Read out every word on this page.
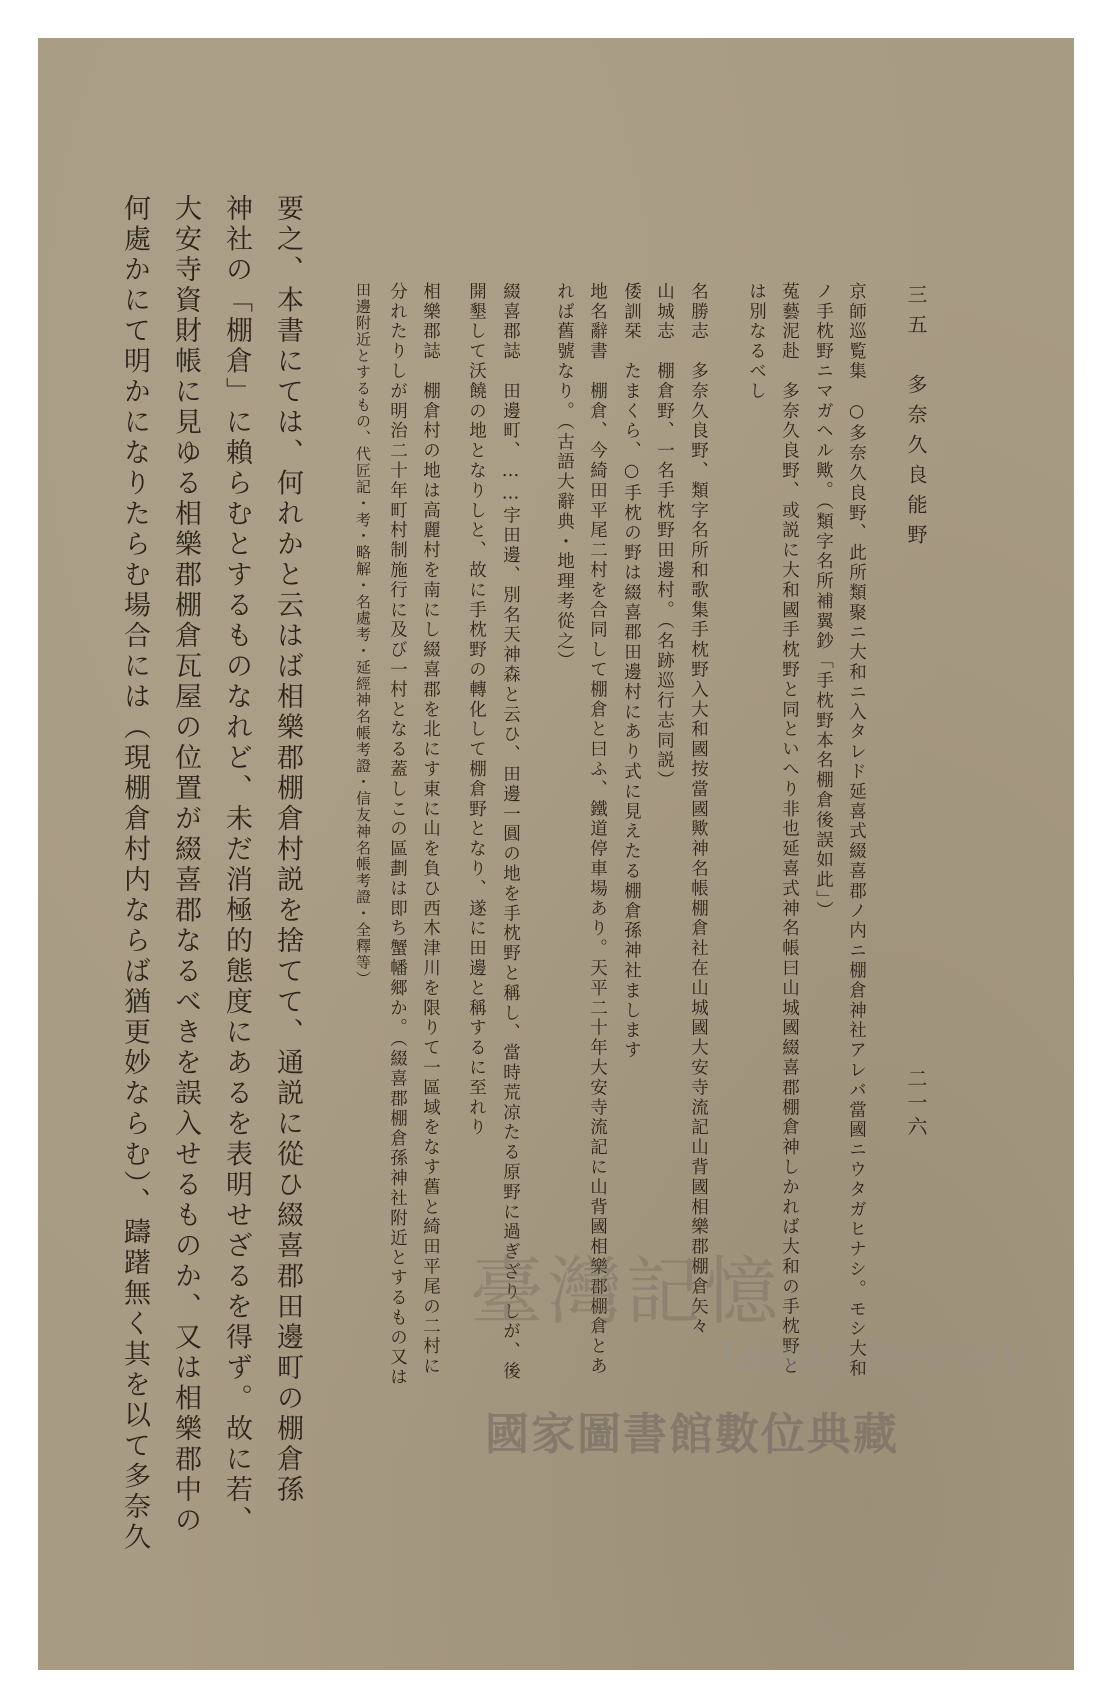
三五　多奈久良能野
二一六
京師巡覧集　○多奈久良野、此所類聚ニ大和ニ入タレド延喜式綴喜郡ノ内ニ棚倉神社アレバ當國ニウタガヒナシ。モシ大和
ノ手枕野ニマガヘル歟。（類字名所補翼鈔「手枕野本名棚倉後誤如此」）
菟藝泥赴　多奈久良野、或説に大和國手枕野と同といへり非也延喜式神名帳曰山城國綴喜郡棚倉神しかれば大和の手枕野と
は別なるべし
名勝志　多奈久良野、類字名所和歌集手枕野入大和國按當國歟神名帳棚倉社在山城國大安寺流記山背國相樂郡棚倉矢々
山城志　棚倉野、一名手枕野田邊村。（名跡巡行志同説）
倭訓栞　たまくら、○手枕の野は綴喜郡田邊村にあり式に見えたる棚倉孫神社まします
地名辭書　棚倉、今綺田平尾二村を合同して棚倉と曰ふ、鐵道停車場あり。天平二十年大安寺流記に山背國相樂郡棚倉とあ
れば舊號なり。（古語大辭典・地理考從之）
綴喜郡誌　田邊町、……宇田邊、別名天神森と云ひ、田邊一圓の地を手枕野と稱し、當時荒凉たる原野に過ぎざりしが、後
開墾して沃饒の地となりしと、故に手枕野の轉化して棚倉野となり、遂に田邊と稱するに至れり
相樂郡誌　棚倉村の地は高麗村を南にし綴喜郡を北にす東に山を負ひ西木津川を限りて一區域をなす舊と綺田平尾の二村に
分れたりしが明治二十年町村制施行に及び一村となる蓋しこの區劃は即ち蟹幡郷か。（綴喜郡棚倉孫神社附近とするもの又は
田邊附近とするもの、代匠記・考・略解・名處考・延經神名帳考證・信友神名帳考證・全釋等）
要之、本書にては、何れかと云はば相樂郡棚倉村説を捨てて、通説に從ひ綴喜郡田邊町の棚倉孫
神社の「棚倉」に賴らむとするものなれど、未だ消極的態度にあるを表明せざるを得ず。故に若、
大安寺資財帳に見ゆる相樂郡棚倉瓦屋の位置が綴喜郡なるべきを誤入せるものか、又は相樂郡中の
何處かにて明かになりたらむ場合には（現棚倉村内ならば猶更妙ならむ）、躊躇無く其を以て多奈久	臺灣記憶
Taiwan Memory
國家圖書館數位典藏
